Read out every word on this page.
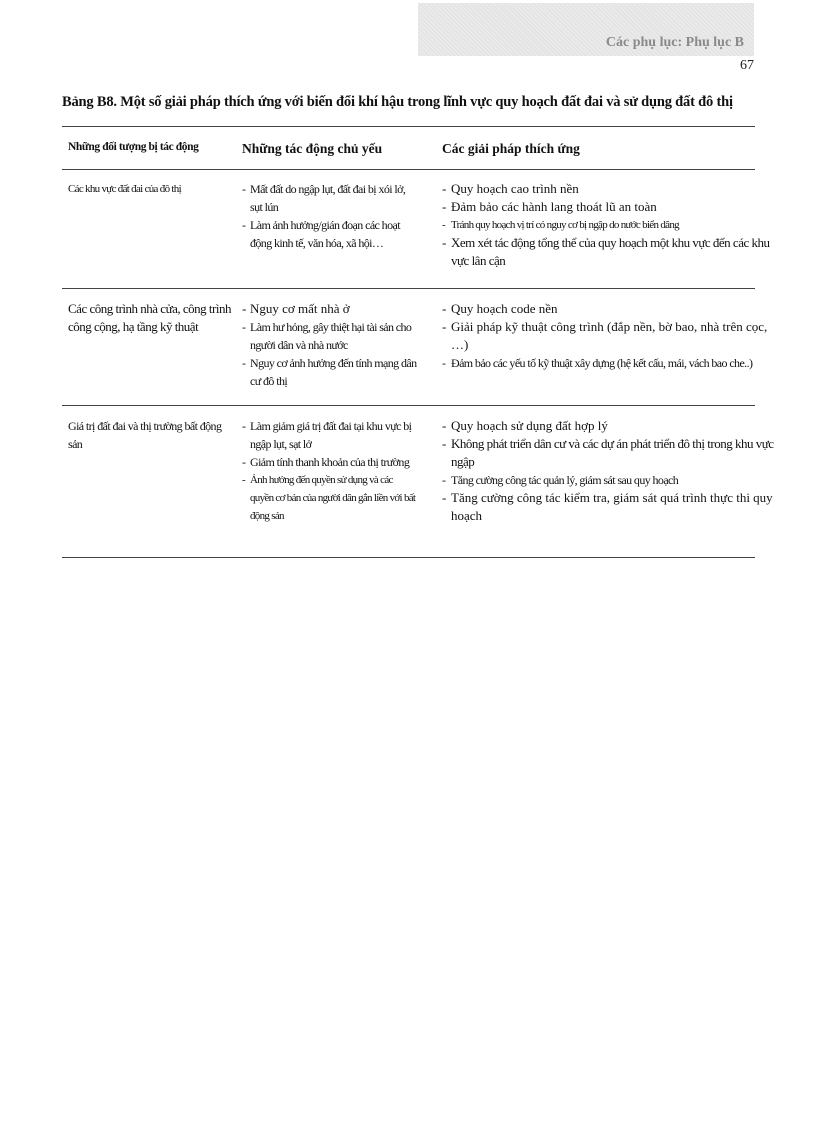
Các phụ lục: Phụ lục B
67
Bảng B8. Một số giải pháp thích ứng với biến đổi khí hậu trong lĩnh vực quy hoạch đất đai và sử dụng đất đô thị
Những đối tượng bị tác động	Những tác động chủ yếu	Các giải pháp thích ứng
Các khu vực đất đai của đô thị
-	Mất đất do ngập lụt, đất đai bị xói lở, sụt lún
- Làm ảnh hưởng/gián đoạn các hoạt động kinh tế, văn hóa, xã hội…
- Quy hoạch cao trình nền
- Đảm bảo các hành lang thoát lũ an toàn
- Tránh quy hoạch vị trí có nguy cơ bị ngập do nước biển dâng
- Xem xét tác động tổng thể của quy hoạch một khu vực đến các khu vực lân cận
Các công trình nhà cửa, công trình công cộng, hạ tầng kỹ thuật
- Nguy cơ mất nhà ở
- Làm hư hỏng, gây thiệt hại tài sản cho người dân và nhà nước
- Nguy cơ ảnh hưởng đến tính mạng dân cư đô thị
- Quy hoạch code nền
- Giải pháp kỹ thuật công trình (đắp nền, bờ bao, nhà trên cọc, …)
- Đảm bảo các yếu tố kỹ thuật xây dựng (hệ kết cấu, mái, vách bao che..)
Giá trị đất đai và thị trường bất động sản
- Làm giảm giá trị đất đai tại khu vực bị ngập lụt, sạt lở
- Giảm tính thanh khoản của thị trường
- Ảnh hưởng đến quyền sử dụng và các quyền cơ bản của người dân gắn liền với bất động sản
- Quy hoạch sử dụng đất hợp lý
- Không phát triển dân cư và các dự án phát triển đô thị trong khu vực ngập
- Tăng cường công tác quản lý, giám sát sau quy hoạch
- Tăng cường công tác kiểm tra, giám sát quá trình thực thi quy hoạch
